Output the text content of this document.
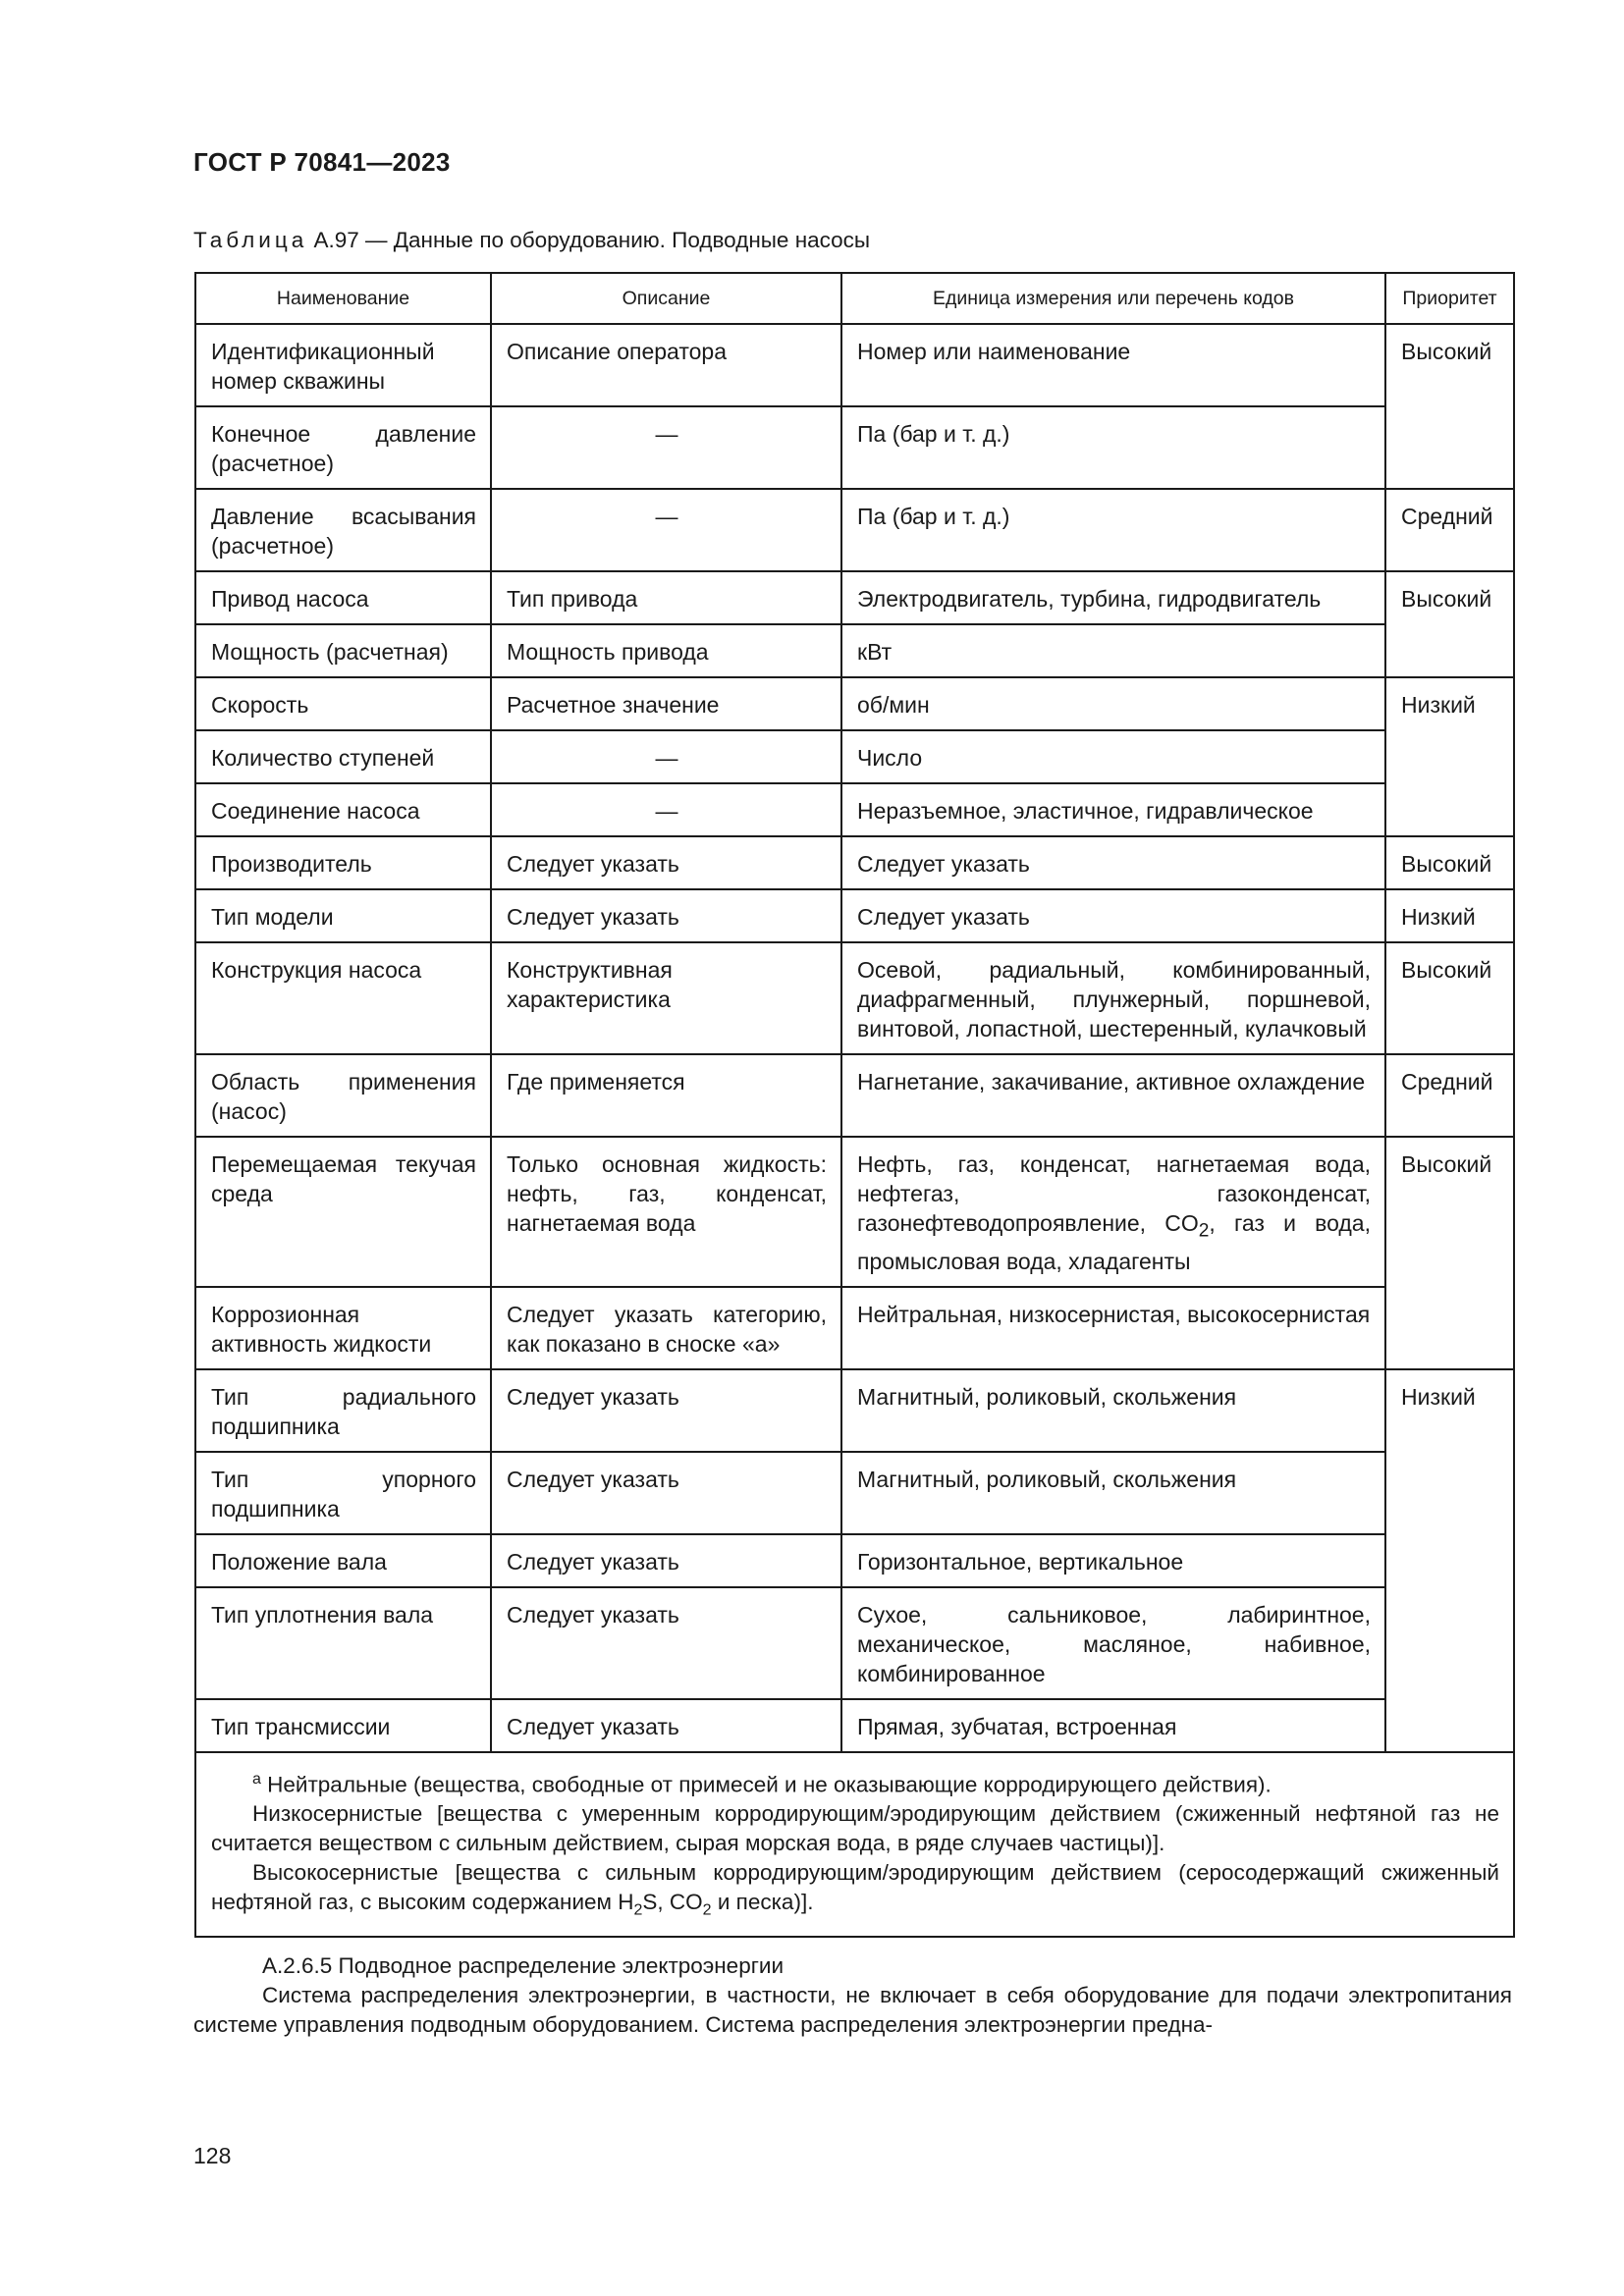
ГОСТ Р 70841—2023
Таблица А.97 — Данные по оборудованию. Подводные насосы
Наименование	Описание	Единица измерения или перечень кодов	Приоритет
Идентификационный номер скважины	Описание оператора	Номер или наименование	Высокий
Конечное давление (расчетное)	—	Па (бар и т. д.)	
Давление всасывания (расчетное)	—	Па (бар и т. д.)	Средний
Привод насоса	Тип привода	Электродвигатель, турбина, гидродвигатель	Высокий
Мощность (расчетная)	Мощность привода	кВт	
Скорость	Расчетное значение	об/мин	Низкий
Количество ступеней	—	Число	
Соединение насоса	—	Неразъемное, эластичное, гидравлическое	
Производитель	Следует указать	Следует указать	Высокий
Тип модели	Следует указать	Следует указать	Низкий
Конструкция насоса	Конструктивная характеристика	Осевой, радиальный, комбинированный, диафрагменный, плунжерный, поршневой, винтовой, лопастной, шестеренный, кулачковый	Высокий
Область применения (насос)	Где применяется	Нагнетание, закачивание, активное охлаждение	Средний
Перемещаемая текучая среда	Только основная жидкость: нефть, газ, конденсат, нагнетаемая вода	Нефть, газ, конденсат, нагнетаемая вода, нефтегаз, газоконденсат, газонефтеводопроявление, $CO_2$, газ и вода, промысловая вода, хладагенты	Высокий
Коррозионная активность жидкости	Следует указать категорию, как показано в сноске «а»	Нейтральная, низкосернистая, высокосернистая	
Тип радиального подшипника	Следует указать	Магнитный, роликовый, скольжения	Низкий
Тип упорного подшипника	Следует указать	Магнитный, роликовый, скольжения	
Положение вала	Следует указать	Горизонтальное, вертикальное	
Тип уплотнения вала	Следует указать	Сухое, сальниковое, лабиринтное, механическое, масляное, набивное, комбинированное	
Тип трансмиссии	Следует указать	Прямая, зубчатая, встроенная	

$^а$ Нейтральные (вещества, свободные от примесей и не оказывающие корродирующего действия).

Низкосернистые [вещества с умеренным корродирующим/эродирующим действием (сжиженный нефтяной газ не считается веществом с сильным действием, сырая морская вода, в ряде случаев частицы)].

Высокосернистые [вещества с сильным корродирующим/эродирующим действием (серосодержащий сжиженный нефтяной газ, с высоким содержанием $H_2S$, $CO_2$ и песка)].			

А.2.6.5 Подводное распределение электроэнергии

Система распределения электроэнергии, в частности, не включает в себя оборудование для подачи электропитания системе управления подводным оборудованием. Система распределения электроэнергии предна-

128
